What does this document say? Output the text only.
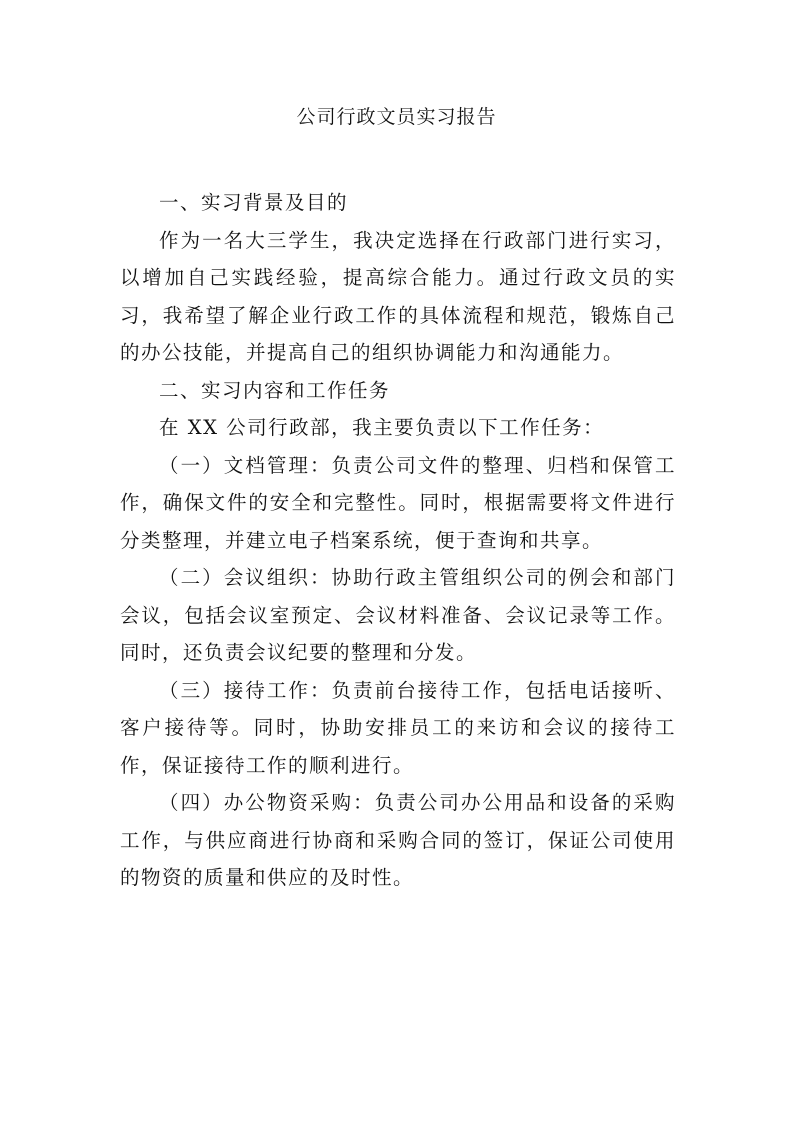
公司行政文员实习报告

一、实习背景及目的

作为一名大三学生，我决定选择在行政部门进行实习，以增加自己实践经验，提高综合能力。通过行政文员的实习，我希望了解企业行政工作的具体流程和规范，锻炼自己的办公技能，并提高自己的组织协调能力和沟通能力。

二、实习内容和工作任务

在 XX 公司行政部，我主要负责以下工作任务：

（一）文档管理：负责公司文件的整理、归档和保管工作，确保文件的安全和完整性。同时，根据需要将文件进行分类整理，并建立电子档案系统，便于查询和共享。

（二）会议组织：协助行政主管组织公司的例会和部门会议，包括会议室预定、会议材料准备、会议记录等工作。同时，还负责会议纪要的整理和分发。

（三）接待工作：负责前台接待工作，包括电话接听、客户接待等。同时，协助安排员工的来访和会议的接待工作，保证接待工作的顺利进行。

（四）办公物资采购：负责公司办公用品和设备的采购工作，与供应商进行协商和采购合同的签订，保证公司使用的物资的质量和供应的及时性。
